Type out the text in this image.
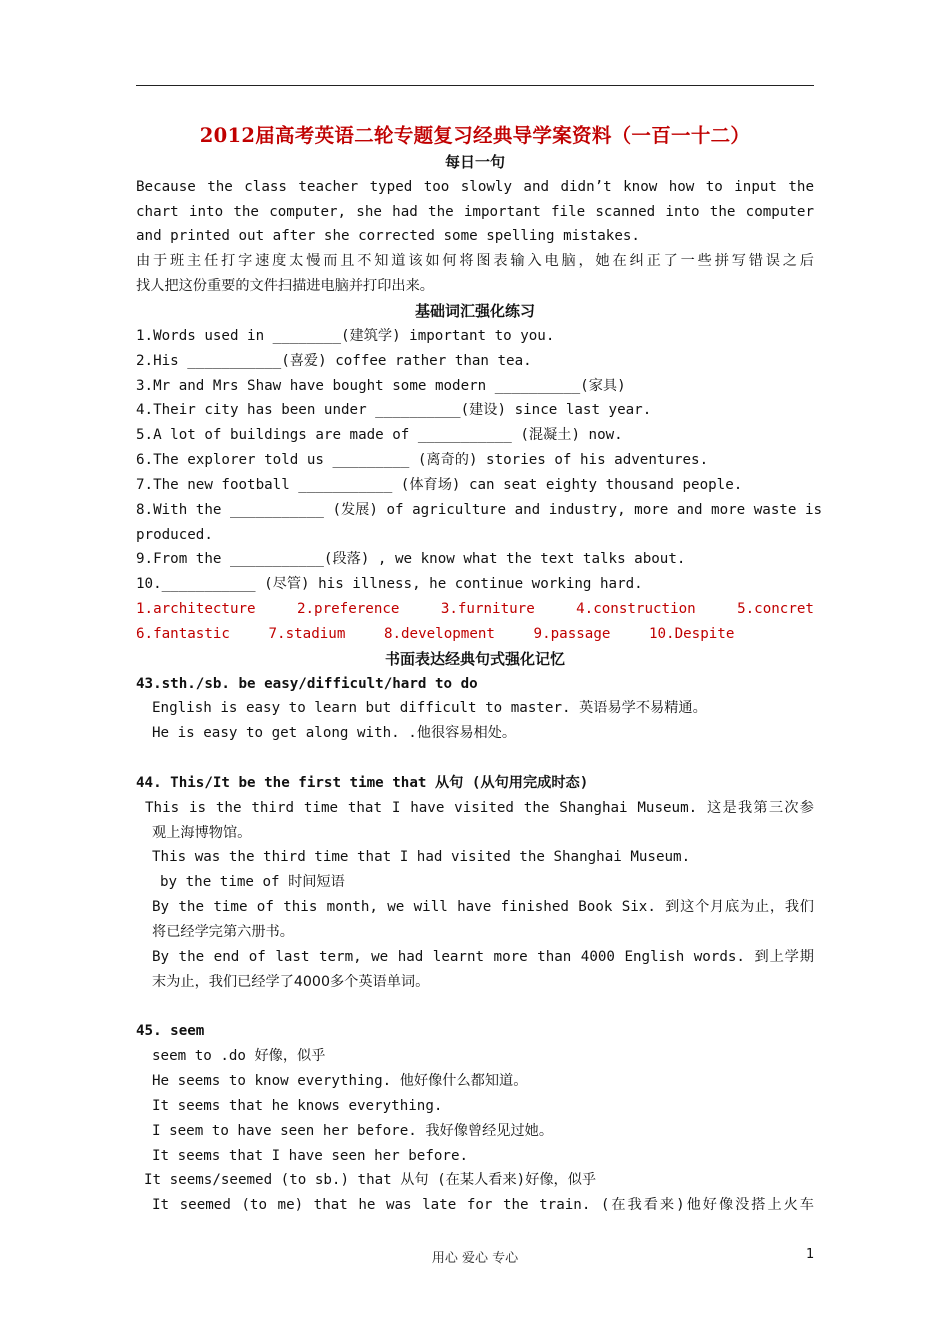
2012届高考英语二轮专题复习经典导学案资料（一百一十二）
每日一句
Because the class teacher typed too slowly and didn’t know how to input the
chart into the computer, she had the important file scanned into the computer
and printed out after she corrected some spelling mistakes.
由于班主任打字速度太慢而且不知道该如何将图表输入电脑，她在纠正了一些拼写错误之后
找人把这份重要的文件扫描进电脑并打印出来。
基础词汇强化练习
1.Words used in ________(建筑学) important to you.
2.His ___________(喜爱) coffee rather than tea.
3.Mr and Mrs Shaw have bought some modern __________(家具)
4.Their city has been under __________(建设) since last year.
5.A lot of buildings are made of ___________ (混凝土) now.
6.The explorer told us _________ (离奇的) stories of his adventures.
7.The new football ___________ (体育场) can seat eighty thousand people.
8.With the ___________ (发展) of agriculture and industry, more and more waste is
produced.
9.From the ___________(段落) , we know what the text talks about.
10.___________ (尽管) his illness, he continue working hard.
1.architecture	2.preference	3.furniture	4.construction	5.concret
6.fantastic	7.stadium	8.development	9.passage	10.Despite
书面表达经典句式强化记忆
43.sth./sb. be easy/difficult/hard to do
English is easy to learn but difficult to master. 英语易学不易精通。
He is easy to get along with. .他很容易相处。
44. This/It be the first time that 从句 (从句用完成时态)
This is the third time that I have visited the Shanghai Museum. 这是我第三次参
观上海博物馆。
This was the third time that I had visited the Shanghai Museum.
by the time of 时间短语
By the time of this month, we will have finished Book Six. 到这个月底为止，我们
将已经学完第六册书。
By the end of last term, we had learnt more than 4000 English words. 到上学期
末为止，我们已经学了4000多个英语单词。
45. seem
seem to .do 好像，似乎
He seems to know everything. 他好像什么都知道。
It seems that he knows everything.
I seem to have seen her before. 我好像曾经见过她。
It seems that I have seen her before.
It seems/seemed (to sb.) that 从句 (在某人看来)好像，似乎
It seemed (to me) that he was late for the train. (在我看来)他好像没搭上火车
用心 爱心 专心	1
